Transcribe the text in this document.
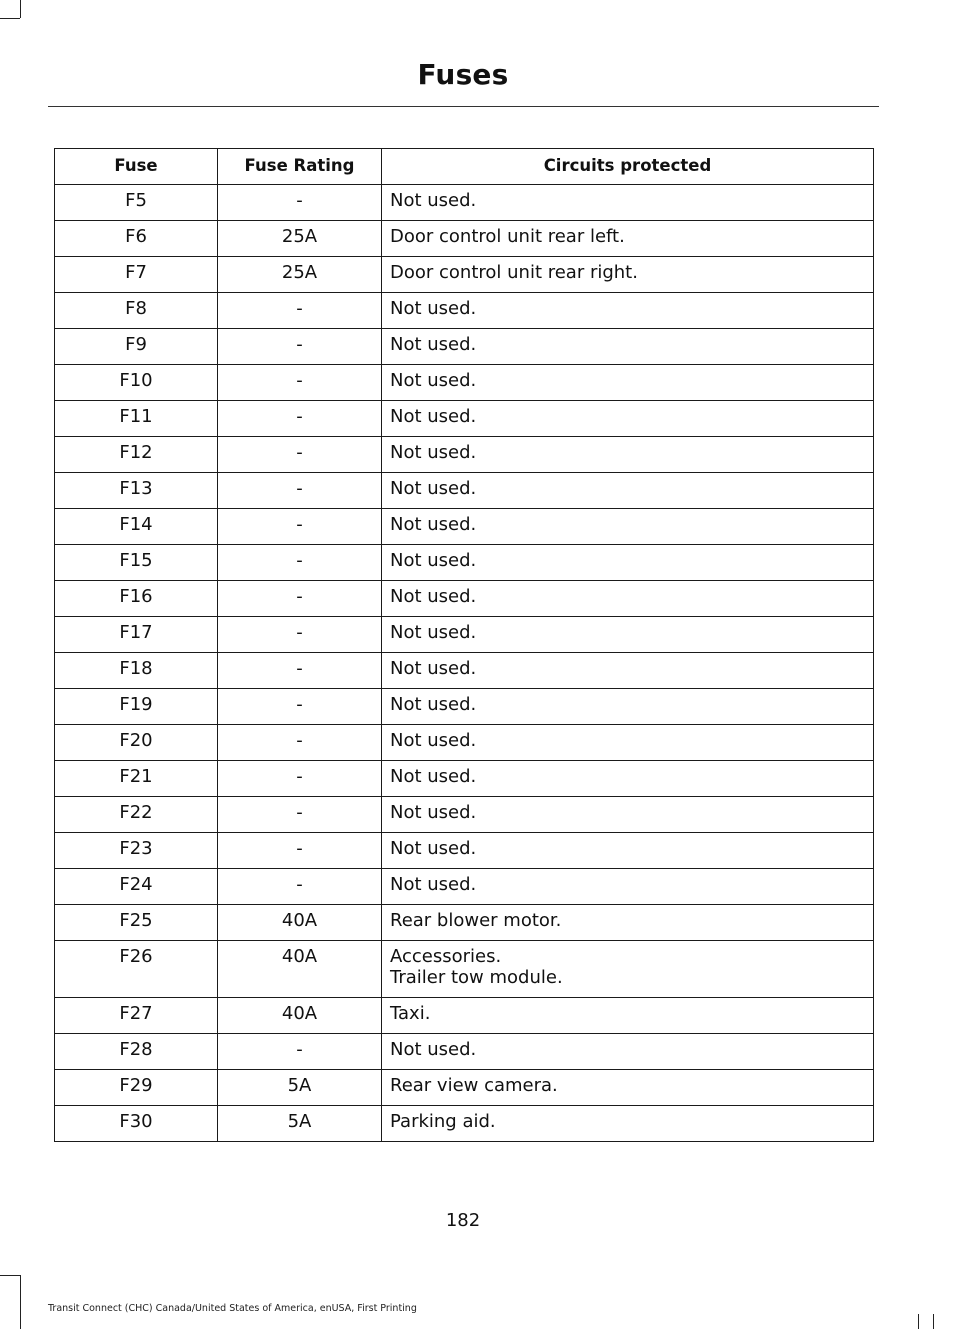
Fuses
Fuse	Fuse Rating	Circuits protected
F5	-	Not used.

F6	25A	Door control unit rear left.

F7	25A	Door control unit rear right.

F8	-	Not used.

F9	-	Not used.

F10	-	Not used.

F11	-	Not used.

F12	-	Not used.

F13	-	Not used.

F14	-	Not used.

F15	-	Not used.

F16	-	Not used.

F17	-	Not used.

F18	-	Not used.

F19	-	Not used.

F20	-	Not used.

F21	-	Not used.

F22	-	Not used.

F23	-	Not used.

F24	-	Not used.

F25	40A	Rear blower motor.

F26	40A	Accessories.
Trailer tow module.

F27	40A	Taxi.

F28	-	Not used.

F29	5A	Rear view camera.

F30	5A	Parking aid.
182
Transit Connect (CHC) Canada/United States of America, enUSA, First Printing
